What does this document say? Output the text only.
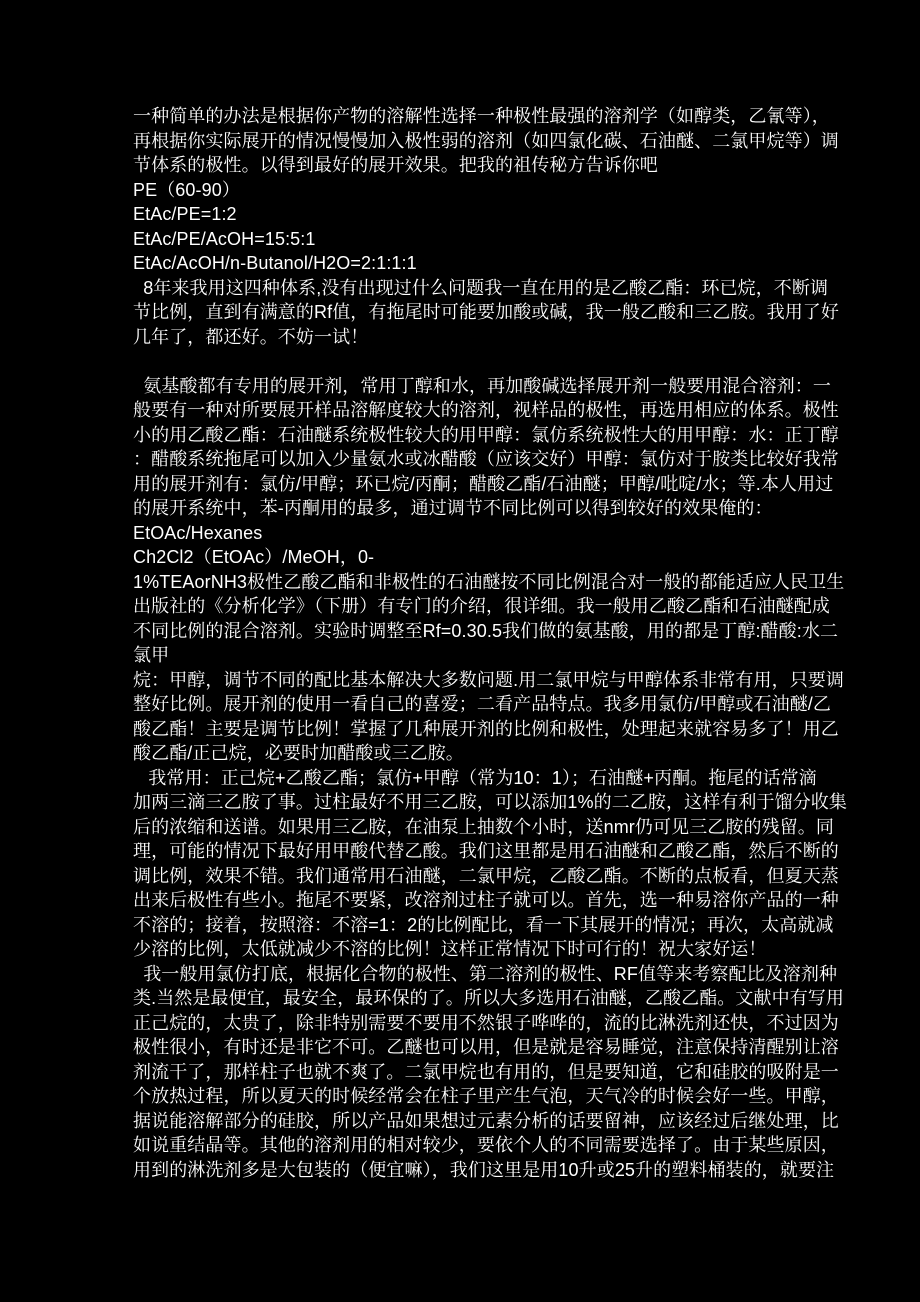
一种简单的办法是根据你产物的溶解性选择一种极性最强的溶剂学（如醇类，乙氰等），
再根据你实际展开的情况慢慢加入极性弱的溶剂（如四氯化碳、石油醚、二氯甲烷等）调
节体系的极性。以得到最好的展开效果。把我的祖传秘方告诉你吧
PE（60-90）
EtAc/PE=1:2
EtAc/PE/AcOH=15:5:1
EtAc/AcOH/n-Butanol/H2O=2:1:1:1
8年来我用这四种体系,没有出现过什么问题我一直在用的是乙酸乙酯：环已烷，不断调
节比例，直到有满意的Rf值，有拖尾时可能要加酸或碱，我一般乙酸和三乙胺。我用了好
几年了，都还好。不妨一试！

氨基酸都有专用的展开剂，常用丁醇和水，再加酸碱选择展开剂一般要用混合溶剂：一
般要有一种对所要展开样品溶解度较大的溶剂，视样品的极性，再选用相应的体系。极性
小的用乙酸乙酯：石油醚系统极性较大的用甲醇：氯仿系统极性大的用甲醇：水：正丁醇
：醋酸系统拖尾可以加入少量氨水或冰醋酸（应该交好）甲醇：氯仿对于胺类比较好我常
用的展开剂有：氯仿/甲醇；环已烷/丙酮；醋酸乙酯/石油醚；甲醇/吡啶/水；等.本人用过
的展开系统中，苯-丙酮用的最多，通过调节不同比例可以得到较好的效果俺的：
EtOAc/Hexanes
Ch2Cl2（EtOAc）/MeOH，0-
1%TEAorNH3极性乙酸乙酯和非极性的石油醚按不同比例混合对一般的都能适应人民卫生
出版社的《分析化学》（下册）有专门的介绍，很详细。我一般用乙酸乙酯和石油醚配成
不同比例的混合溶剂。实验时调整至Rf=0.30.5我们做的氨基酸，用的都是丁醇:醋酸:水二
氯甲
烷：甲醇，调节不同的配比基本解决大多数问题.用二氯甲烷与甲醇体系非常有用，只要调
整好比例。展开剂的使用一看自己的喜爱；二看产品特点。我多用氯仿/甲醇或石油醚/乙
酸乙酯！主要是调节比例！掌握了几种展开剂的比例和极性，处理起来就容易多了！用乙
酸乙酯/正己烷，必要时加醋酸或三乙胺。
我常用：正己烷+乙酸乙酯；氯仿+甲醇（常为10：1）；石油醚+丙酮。拖尾的话常滴
加两三滴三乙胺了事。过柱最好不用三乙胺，可以添加1%的二乙胺，这样有利于馏分收集
后的浓缩和送谱。如果用三乙胺，在油泵上抽数个小时，送nmr仍可见三乙胺的残留。同
理，可能的情况下最好用甲酸代替乙酸。我们这里都是用石油醚和乙酸乙酯，然后不断的
调比例，效果不错。我们通常用石油醚，二氯甲烷，乙酸乙酯。不断的点板看，但夏天蒸
出来后极性有些小。拖尾不要紧，改溶剂过柱子就可以。首先，选一种易溶你产品的一种
不溶的；接着，按照溶：不溶=1：2的比例配比，看一下其展开的情况；再次，太高就减
少溶的比例，太低就减少不溶的比例！这样正常情况下时可行的！祝大家好运！
我一般用氯仿打底，根据化合物的极性、第二溶剂的极性、RF值等来考察配比及溶剂种
类.当然是最便宜，最安全，最环保的了。所以大多选用石油醚，乙酸乙酯。文献中有写用
正己烷的，太贵了，除非特别需要不要用不然银子哗哗的，流的比淋洗剂还快，不过因为
极性很小，有时还是非它不可。乙醚也可以用，但是就是容易睡觉，注意保持清醒别让溶
剂流干了，那样柱子也就不爽了。二氯甲烷也有用的，但是要知道，它和硅胶的吸附是一
个放热过程，所以夏天的时候经常会在柱子里产生气泡，天气冷的时候会好一些。甲醇，
据说能溶解部分的硅胶，所以产品如果想过元素分析的话要留神，应该经过后继处理，比
如说重结晶等。其他的溶剂用的相对较少，要依个人的不同需要选择了。由于某些原因，
用到的淋洗剂多是大包装的（便宜嘛），我们这里是用10升或25升的塑料桶装的，就要注
